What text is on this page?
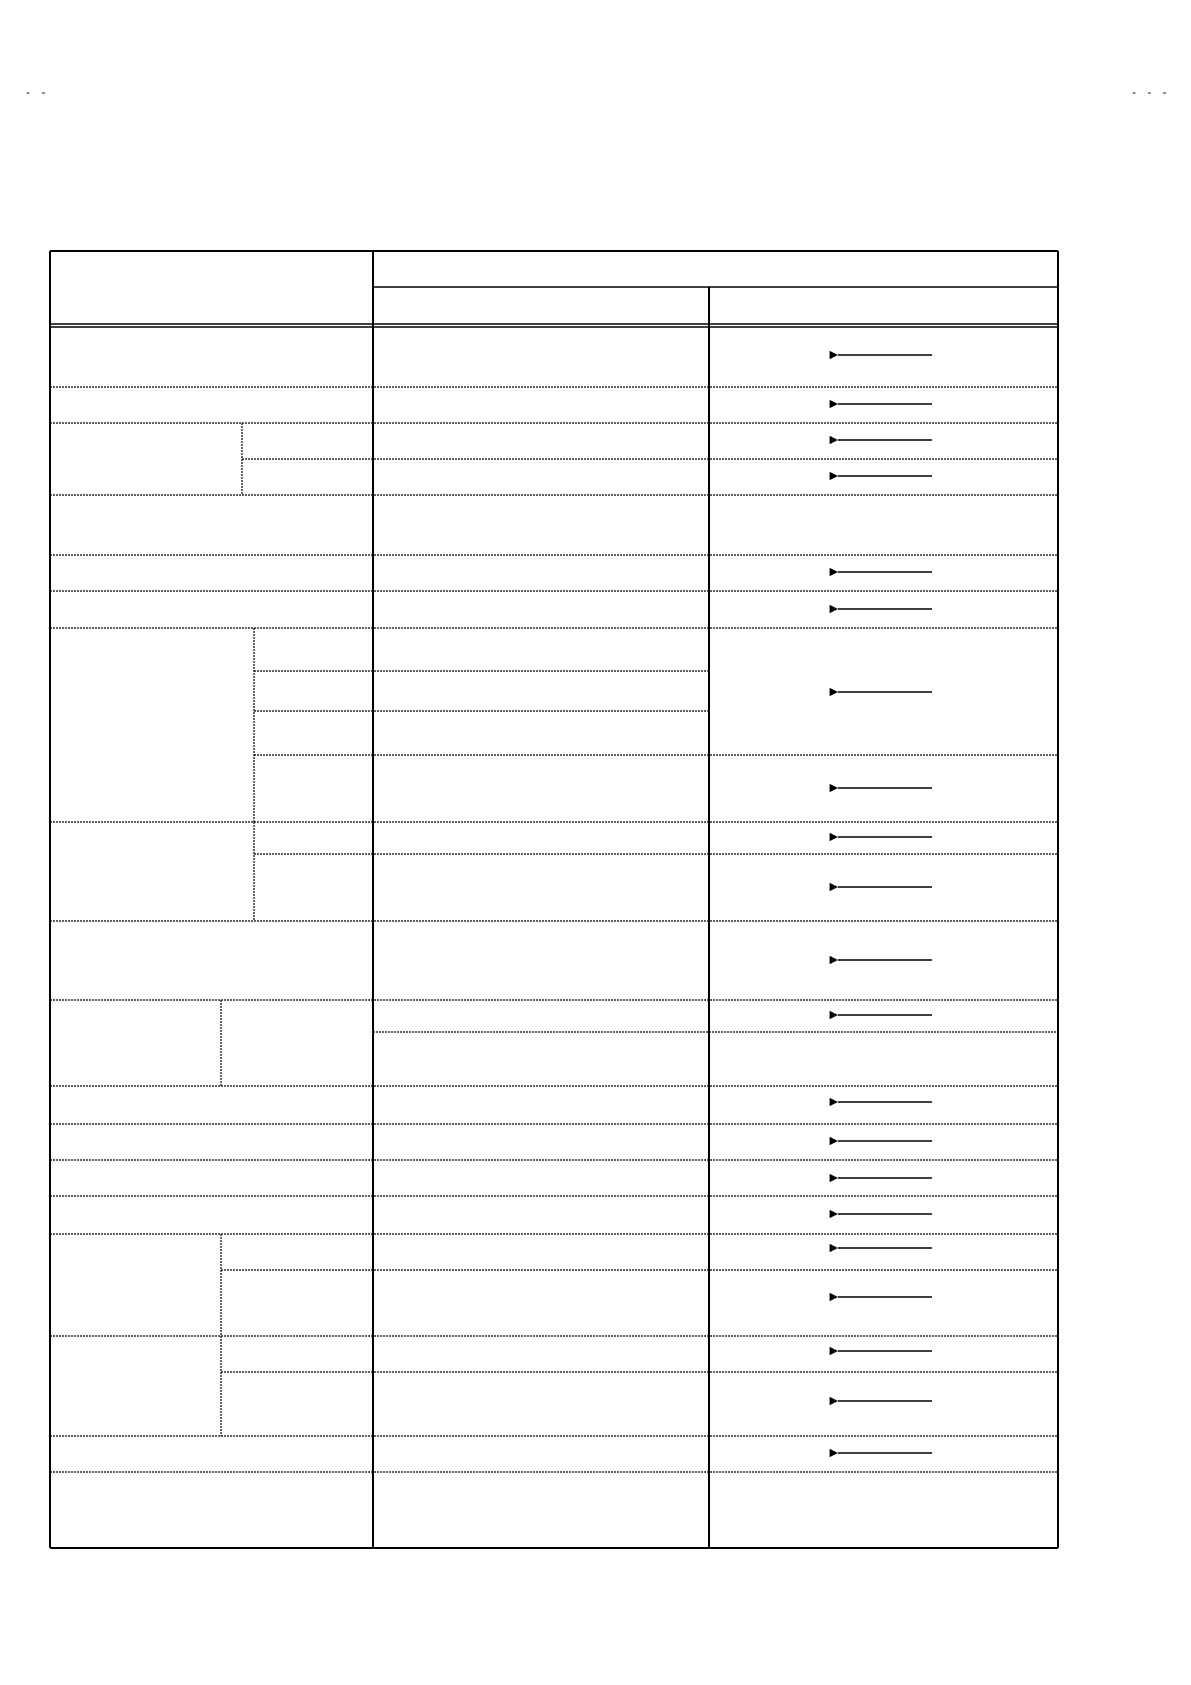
- -	- - -
